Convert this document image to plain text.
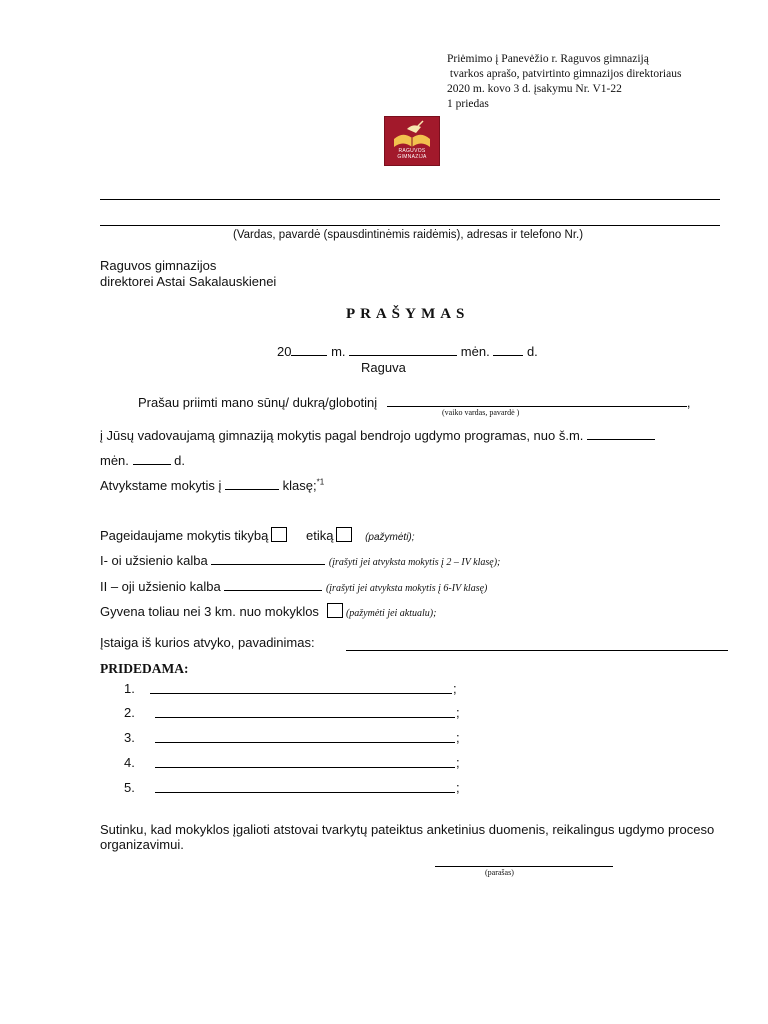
Priėmimo į Panevėžio r. Raguvos gimnaziją
tvarkos aprašo, patvirtinto gimnazijos direktoriaus
2020 m. kovo 3 d. įsakymu Nr. V1-22
1 priedas
RAGUVOS
GIMNAZIJA
(Vardas, pavardė (spausdintinėmis raidėmis), adresas ir telefono Nr.)
Raguvos gimnazijos
direktorei Astai Sakalauskienei
P R A Š Y M A S
20	m.	mėn.	d.
Raguva
Prašau priimti mano sūnų/ dukrą/globotinį	,
(vaiko vardas, pavardė )
į Jūsų vadovaujamą gimnaziją mokytis pagal bendrojo ugdymo programas, nuo š.m.
mėn.	d.
Atvykstame mokytis į	klasę;$^{*1}$
Pageidaujame mokytis tikybą	etiką	(pažymėti);
I- oi užsienio kalba	(įrašyti jei atvyksta mokytis į 2 – IV klasę);
II – oji užsienio kalba	(įrašyti jei atvyksta mokytis į 6-IV klasę)
Gyvena toliau nei 3 km. nuo mokyklos	(pažymėti jei aktualu);
Įstaiga iš kurios atvyko, pavadinimas:
PRIDEDAMA:
1.	;
2.	;
3.	;
4.	;
5.	;
Sutinku, kad mokyklos įgalioti atstovai tvarkytų pateiktus anketinius duomenis, reikalingus ugdymo proceso
organizavimui.
(parašas)
